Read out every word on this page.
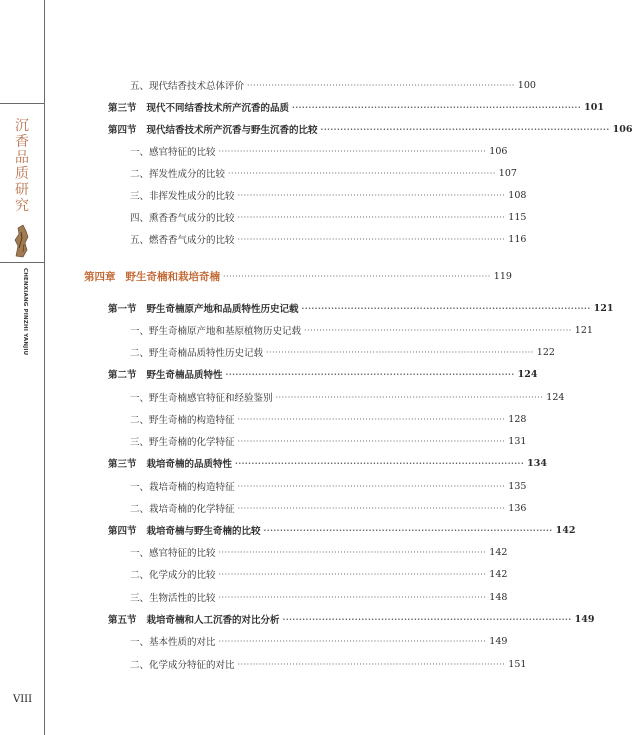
沉香品质研究
CHENXIANG PINZHI YANJIU
VIII
五、现代结香技术总体评价 ························································································ 100
第三节 现代不同结香技术所产沉香的品质 ························································································ 101
第四节 现代结香技术所产沉香与野生沉香的比较 ························································································ 106
一、感官特征的比较 ························································································ 106
二、挥发性成分的比较 ························································································ 107
三、非挥发性成分的比较 ························································································ 108
四、熏香香气成分的比较 ························································································ 115
五、燃香香气成分的比较 ························································································ 116
第四章 野生奇楠和栽培奇楠 ························································································ 119
第一节 野生奇楠原产地和品质特性历史记载 ························································································ 121
一、野生奇楠原产地和基原植物历史记载 ························································································ 121
二、野生奇楠品质特性历史记载 ························································································ 122
第二节 野生奇楠品质特性 ························································································ 124
一、野生奇楠感官特征和经验鉴别 ························································································ 124
二、野生奇楠的构造特征 ························································································ 128
三、野生奇楠的化学特征 ························································································ 131
第三节 栽培奇楠的品质特性 ························································································ 134
一、栽培奇楠的构造特征 ························································································ 135
二、栽培奇楠的化学特征 ························································································ 136
第四节 栽培奇楠与野生奇楠的比较 ························································································ 142
一、感官特征的比较 ························································································ 142
二、化学成分的比较 ························································································ 142
三、生物活性的比较 ························································································ 148
第五节 栽培奇楠和人工沉香的对比分析 ························································································ 149
一、基本性质的对比 ························································································ 149
二、化学成分特征的对比 ························································································ 151
